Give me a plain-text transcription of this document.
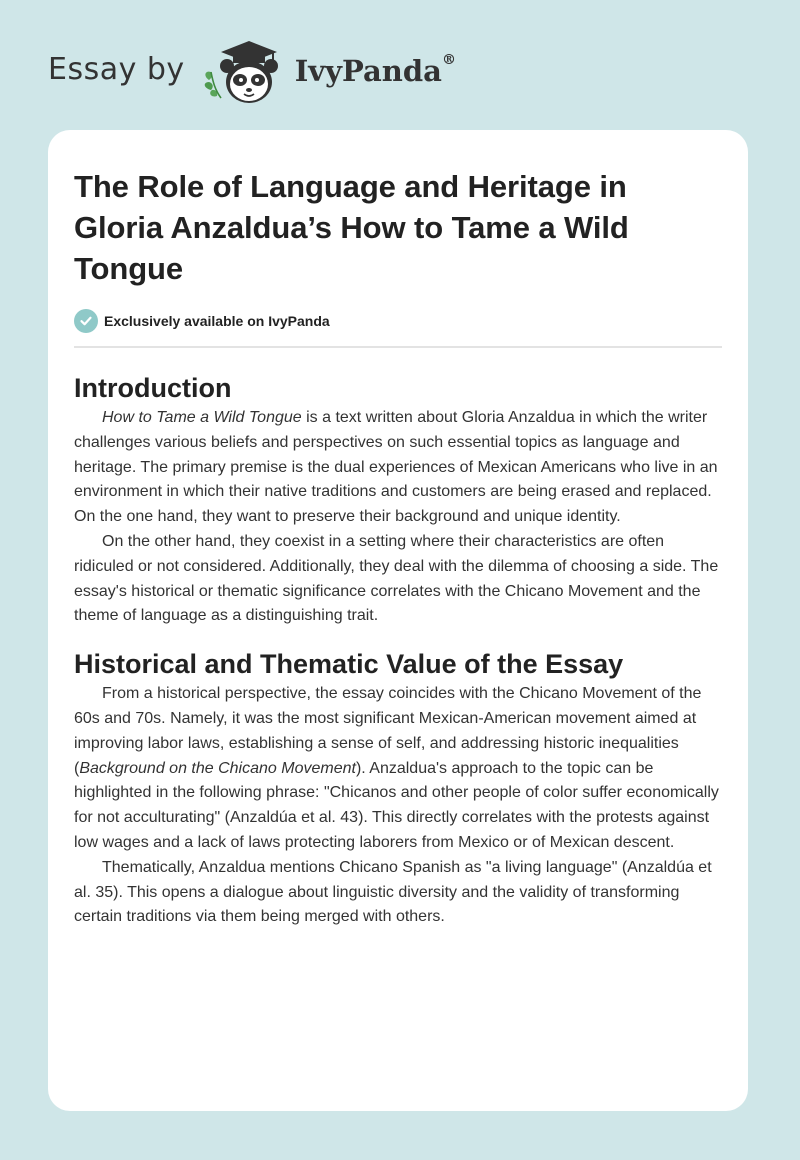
Essay by	IvyPanda®
The Role of Language and Heritage in Gloria Anzaldua’s How to Tame a Wild Tongue
Exclusively available on IvyPanda
Introduction

How to Tame a Wild Tongue is a text written about Gloria Anzaldua in which the writer challenges various beliefs and perspectives on such essential topics as language and heritage. The primary premise is the dual experiences of Mexican Americans who live in an environment in which their native traditions and customers are being erased and replaced. On the one hand, they want to preserve their background and unique identity.

On the other hand, they coexist in a setting where their characteristics are often ridiculed or not considered. Additionally, they deal with the dilemma of choosing a side. The essay's historical or thematic significance correlates with the Chicano Movement and the theme of language as a distinguishing trait.

Historical and Thematic Value of the Essay

From a historical perspective, the essay coincides with the Chicano Movement of the 60s and 70s. Namely, it was the most significant Mexican-American movement aimed at improving labor laws, establishing a sense of self, and addressing historic inequalities (Background on the Chicano Movement). Anzaldua's approach to the topic can be highlighted in the following phrase: "Chicanos and other people of color suffer economically for not acculturating" (Anzaldúa et al. 43). This directly correlates with the protests against low wages and a lack of laws protecting laborers from Mexico or of Mexican descent.

Thematically, Anzaldua mentions Chicano Spanish as "a living language" (Anzaldúa et al. 35). This opens a dialogue about linguistic diversity and the validity of transforming certain traditions via them being merged with others.
